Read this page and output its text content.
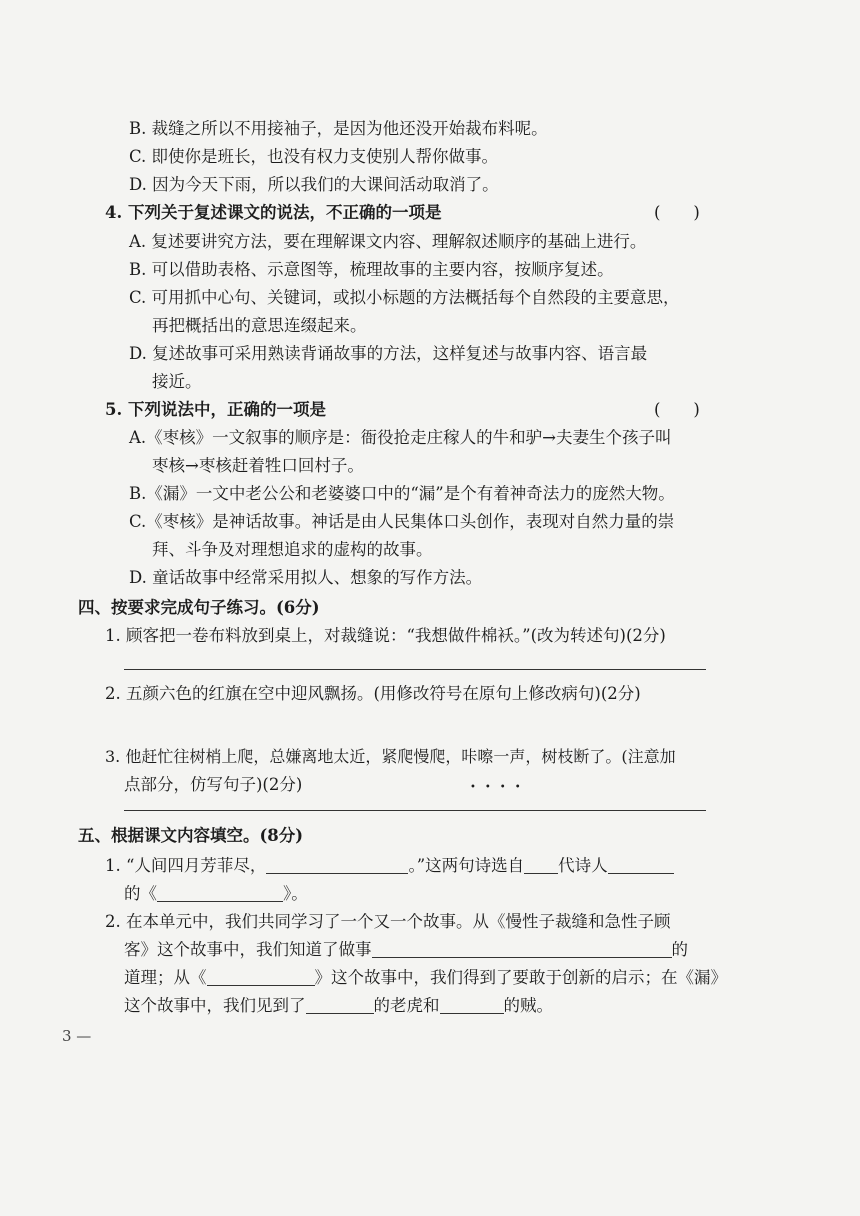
B. 裁缝之所以不用接袖子，是因为他还没开始裁布料呢。
C. 即使你是班长，也没有权力支使别人帮你做事。
D. 因为今天下雨，所以我们的大课间活动取消了。
4. 下列关于复述课文的说法，不正确的一项是	(　　)
A. 复述要讲究方法，要在理解课文内容、理解叙述顺序的基础上进行。
B. 可以借助表格、示意图等，梳理故事的主要内容，按顺序复述。
C. 可用抓中心句、关键词，或拟小标题的方法概括每个自然段的主要意思，
再把概括出的意思连缀起来。
D. 复述故事可采用熟读背诵故事的方法，这样复述与故事内容、语言最
接近。
5. 下列说法中，正确的一项是	(　　)
A.《枣核》一文叙事的顺序是：衙役抢走庄稼人的牛和驴→夫妻生个孩子叫
枣核→枣核赶着牲口回村子。
B.《漏》一文中老公公和老婆婆口中的“漏”是个有着神奇法力的庞然大物。
C.《枣核》是神话故事。神话是由人民集体口头创作，表现对自然力量的崇
拜、斗争及对理想追求的虚构的故事。
D. 童话故事中经常采用拟人、想象的写作方法。
四、按要求完成句子练习。(6分)
1. 顾客把一卷布料放到桌上，对裁缝说：“我想做件棉袄。”(改为转述句)(2分)
2. 五颜六色的红旗在空中迎风飘扬。(用修改符号在原句上修改病句)(2分)
3. 他赶忙往树梢上爬，总嫌离地太近，紧爬慢爬，咔嚓一声，树枝断了。(注意加
••••
点部分，仿写句子)(2分)
五、根据课文内容填空。(8分)
1. “人间四月芳菲尽，	。”这两句诗选自 代诗人
的《	》。
2. 在本单元中，我们共同学习了一个又一个故事。从《慢性子裁缝和急性子顾
客》这个故事中，我们知道了做事	的
道理；从《	》这个故事中，我们得到了要敢于创新的启示；在《漏》
这个故事中，我们见到了	的老虎和	的贼。
3 —
